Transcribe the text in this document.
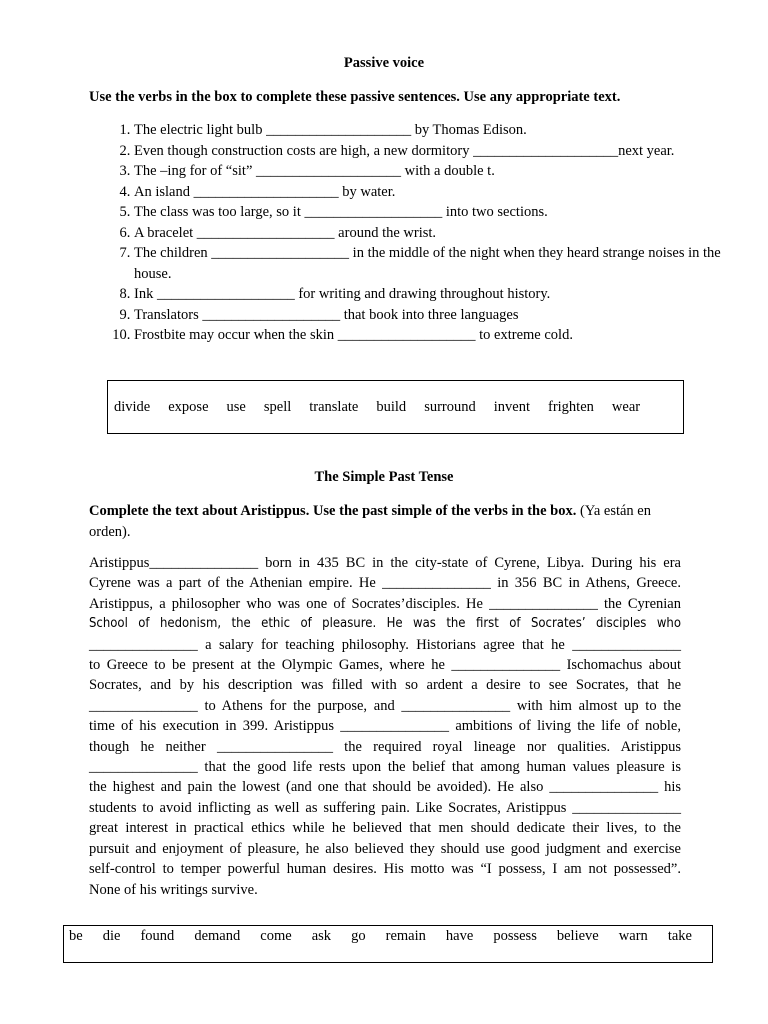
Passive voice
Use the verbs in the box to complete these passive sentences. Use any appropriate text.
1. The electric light bulb ____________________ by Thomas Edison.
2. Even though construction costs are high, a new dormitory ____________________next year.
3. The –ing for of “sit” ____________________ with a double t.
4. An island ____________________ by water.
5. The class was too large, so it ___________________ into two sections.
6. A bracelet ___________________ around the wrist.
7. The children ___________________ in the middle of the night when they heard strange noises in the house.
8. Ink ___________________ for writing and drawing throughout history.
9. Translators ___________________ that book into three languages
10. Frostbite may occur when the skin ___________________ to extreme cold.
divide expose use spell translate build surround invent frighten wear
The Simple Past Tense
Complete the text about Aristippus. Use the past simple of the verbs in the box. (Ya están en orden).
Aristippus_______________ born in 435 BC in the city-state of Cyrene, Libya. During his era
Cyrene was a part of the Athenian empire. He _______________ in 356 BC in Athens, Greece.
Aristippus, a philosopher who was one of Socrates’disciples. He _______________ the Cyrenian
School of hedonism, the ethic of pleasure. He was the first of Socrates’ disciples who
_______________ a salary for teaching philosophy. Historians agree that he _______________
to Greece to be present at the Olympic Games, where he _______________ Ischomachus about
Socrates, and by his description was filled with so ardent a desire to see Socrates, that he
_______________ to Athens for the purpose, and _______________ with him almost up to the
time of his execution in 399. Aristippus _______________ ambitions of living the life of noble,
though he neither ________________ the required royal lineage nor qualities. Aristippus
_______________ that the good life rests upon the belief that among human values pleasure is
the highest and pain the lowest (and one that should be avoided). He also _______________ his
students to avoid inflicting as well as suffering pain. Like Socrates, Aristippus _______________
great interest in practical ethics while he believed that men should dedicate their lives, to the
pursuit and enjoyment of pleasure, he also believed they should use good judgment and exercise
self-control to temper powerful human desires. His motto was “I possess, I am not possessed”.
None of his writings survive.
be die found demand come ask go remain have possess believe warn take
